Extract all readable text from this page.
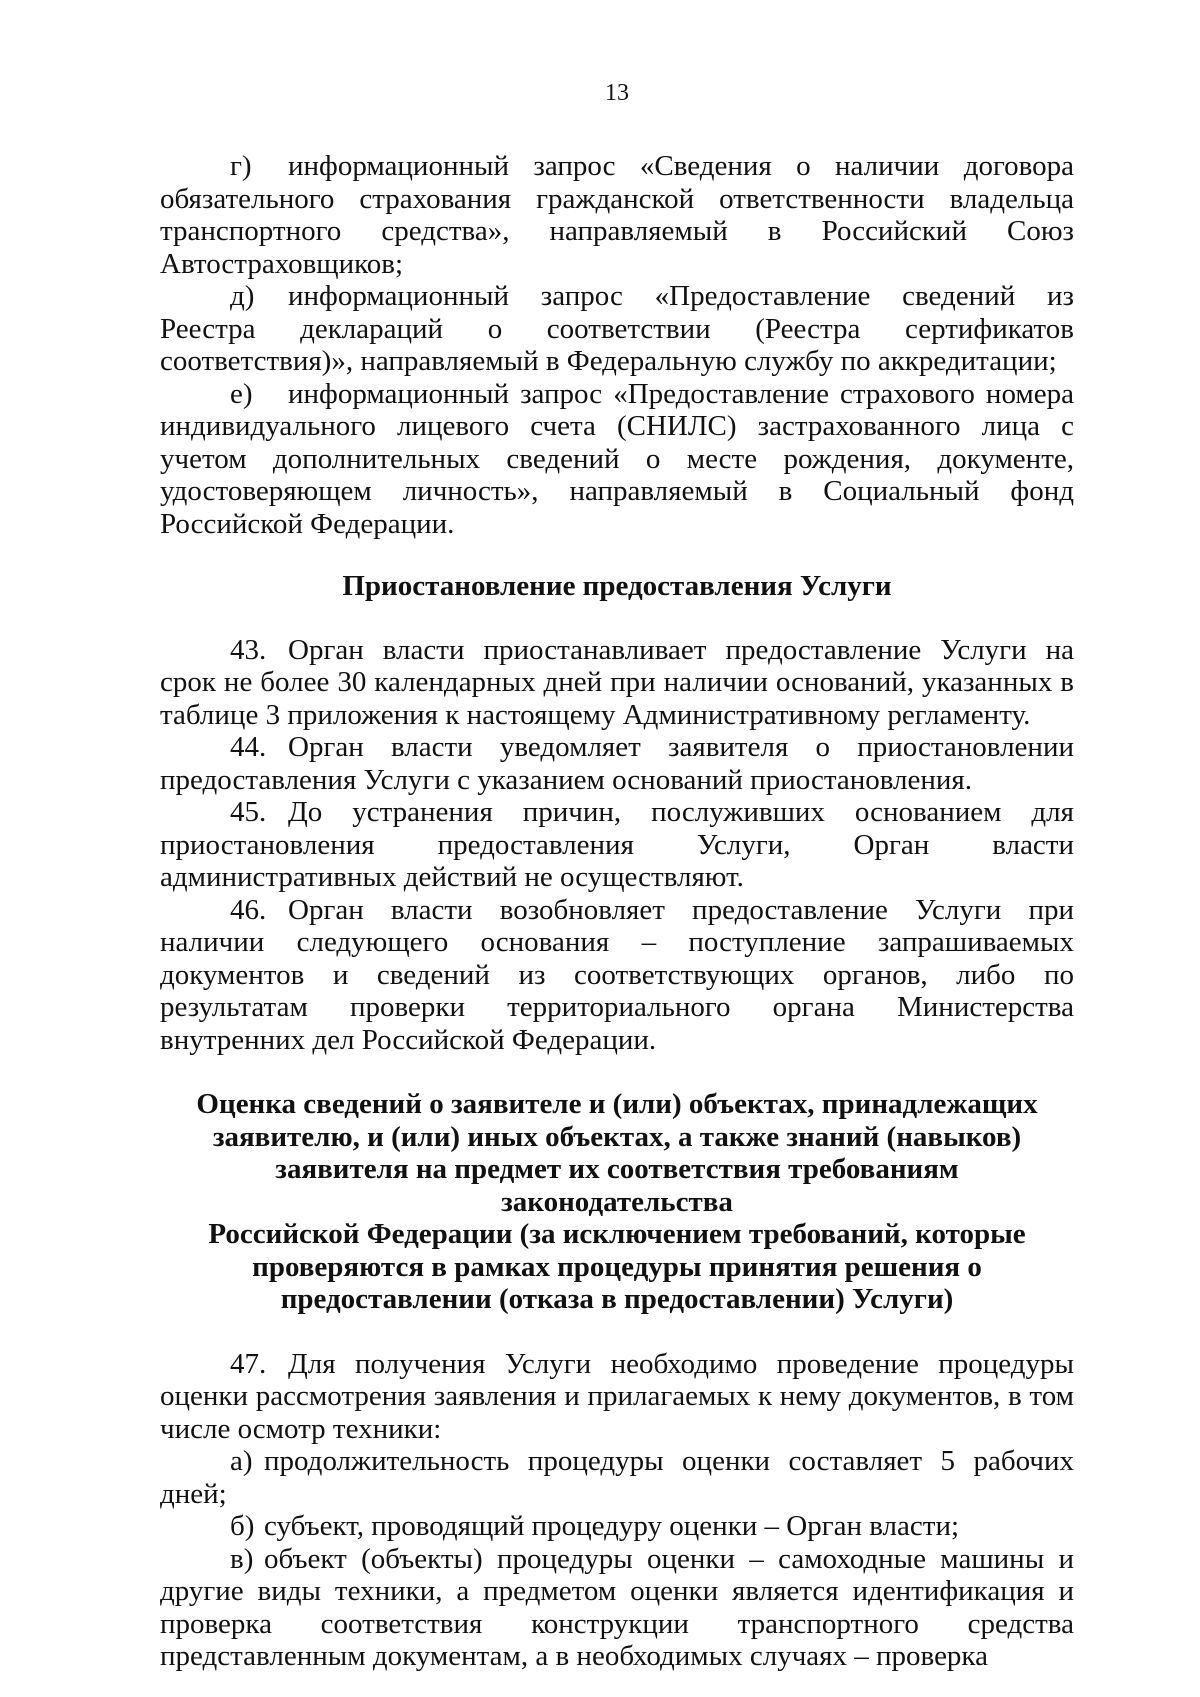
13

г) информационный запрос «Сведения о наличии договора обязательного страхования гражданской ответственности владельца транспортного средства», направляемый в Российский Союз Автостраховщиков;

д) информационный запрос «Предоставление сведений из Реестра деклараций о соответствии (Реестра сертификатов соответствия)», направляемый в Федеральную службу по аккредитации;

е) информационный запрос «Предоставление страхового номера индивидуального лицевого счета (СНИЛС) застрахованного лица с учетом дополнительных сведений о месте рождения, документе, удостоверяющем личность», направляемый в Социальный фонд Российской Федерации.

Приостановление предоставления Услуги

43. Орган власти приостанавливает предоставление Услуги на срок не более 30 календарных дней при наличии оснований, указанных в таблице 3 приложения к настоящему Административному регламенту.

44. Орган власти уведомляет заявителя о приостановлении предоставления Услуги с указанием оснований приостановления.

45. До устранения причин, послуживших основанием для приостановления предоставления Услуги, Орган власти административных действий не осуществляют.

46. Орган власти возобновляет предоставление Услуги при наличии следующего основания – поступление запрашиваемых документов и сведений из соответствующих органов, либо по результатам проверки территориального органа Министерства внутренних дел Российской Федерации.

Оценка сведений о заявителе и (или) объектах, принадлежащих
заявителю, и (или) иных объектах, а также знаний (навыков)
заявителя на предмет их соответствия требованиям законодательства
Российской Федерации (за исключением требований, которые
проверяются в рамках процедуры принятия решения о
предоставлении (отказа в предоставлении) Услуги)

47. Для получения Услуги необходимо проведение процедуры оценки рассмотрения заявления и прилагаемых к нему документов, в том числе осмотр техники:

а) продолжительность процедуры оценки составляет 5 рабочих дней;

б) субъект, проводящий процедуру оценки – Орган власти;

в) объект (объекты) процедуры оценки – самоходные машины и другие виды техники, а предметом оценки является идентификация и проверка соответствия конструкции транспортного средства представленным документам, а в необходимых случаях – проверка
